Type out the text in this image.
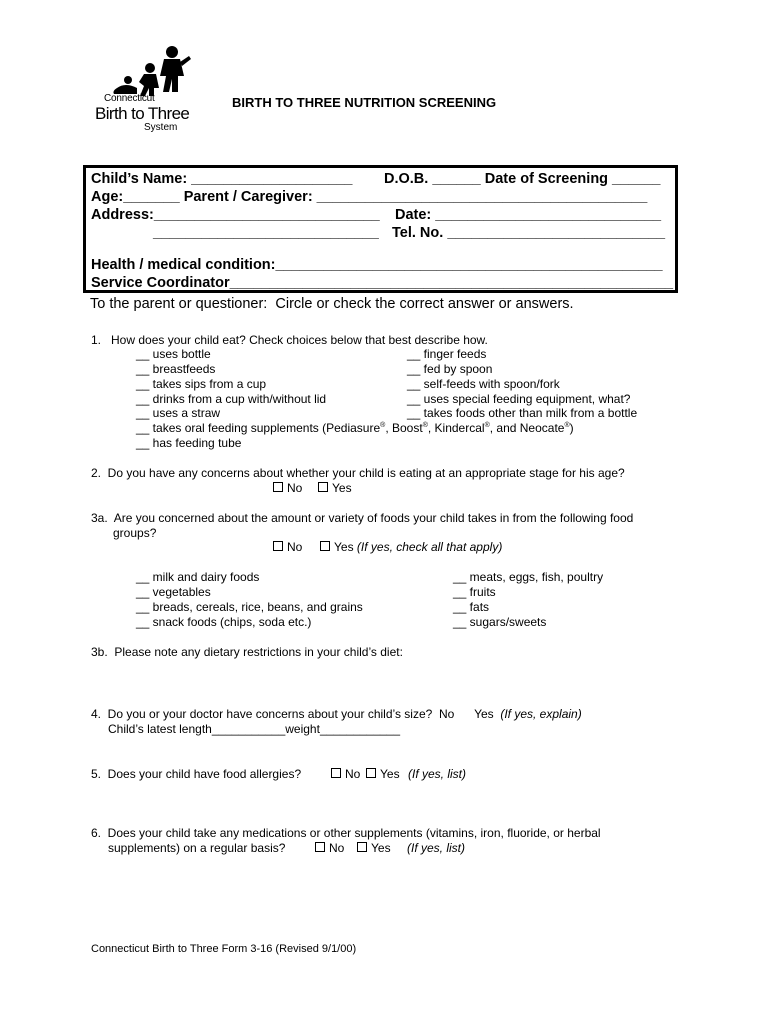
Connecticut
Birth to Three
System
BIRTH TO THREE NUTRITION SCREENING
Child’s Name: ____________________ D.O.B. ______ Date of Screening ______
Age:_______ Parent / Caregiver: _________________________________________
Address:____________________________ Date: ____________________________
____________________________ Tel. No. ___________________________
Health / medical condition:________________________________________________
Service Coordinator_______________________________________________________
To the parent or questioner:  Circle or check the correct answer or answers.
1.   How does your child eat? Check choices below that best describe how.
__ uses bottle
__ breastfeeds
__ takes sips from a cup
__ drinks from a cup with/without lid
__ uses a straw
__ finger feeds
__ fed by spoon
__ self-feeds with spoon/fork
__ uses special feeding equipment, what?
__ takes foods other than milk from a bottle
__ takes oral feeding supplements (Pediasure®, Boost®, Kindercal®, and Neocate®)
__ has feeding tube
2.  Do you have any concerns about whether your child is eating at an appropriate stage for his age?
No	Yes
3a.  Are you concerned about the amount or variety of foods your child takes in from the following food
groups?
No	Yes (If yes, check all that apply)
__ milk and dairy foods
__ vegetables
__ breads, cereals, rice, beans, and grains
__ snack foods (chips, soda etc.)
__ meats, eggs, fish, poultry
__ fruits
__ fats
__ sugars/sweets
3b.  Please note any dietary restrictions in your child’s diet:
4.  Do you or your doctor have concerns about your child’s size?  No      Yes (If yes, explain)
Child’s latest length___________weight____________
5.  Does your child have food allergies?	No	Yes (If yes, list)
6.  Does your child take any medications or other supplements (vitamins, iron, fluoride, or herbal
supplements) on a regular basis?	No	Yes (If yes, list)
Connecticut Birth to Three Form 3-16 (Revised 9/1/00)
